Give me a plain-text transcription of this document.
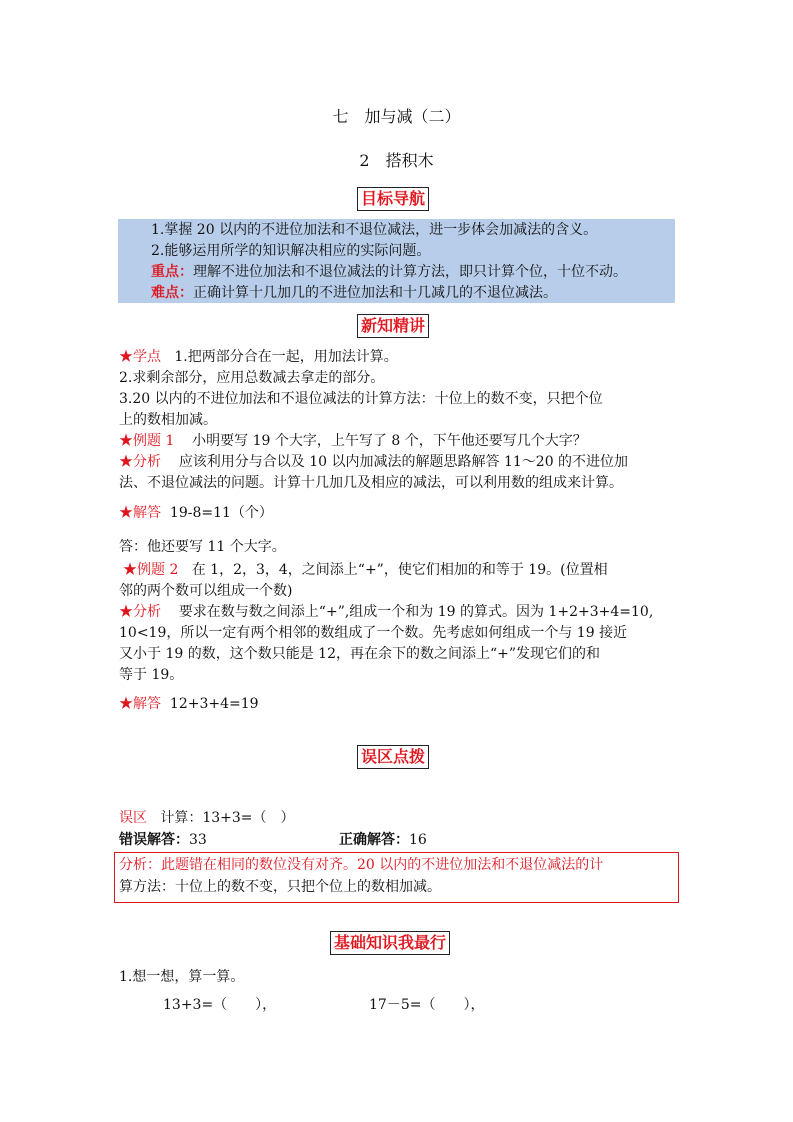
七　加与减（二）
2　搭积木
目标导航
1.掌握 20 以内的不进位加法和不退位减法，进一步体会加减法的含义。
2.能够运用所学的知识解决相应的实际问题。
重点：理解不进位加法和不退位减法的计算方法，即只计算个位，十位不动。
难点：正确计算十几加几的不进位加法和十几减几的不退位减法。
新知精讲
★学点 1.把两部分合在一起，用加法计算。
2.求剩余部分，应用总数减去拿走的部分。
3.20 以内的不进位加法和不退位减法的计算方法：十位上的数不变，只把个位
上的数相加减。
★例题 1 小明要写 19 个大字，上午写了 8 个，下午他还要写几个大字？
★分析 应该利用分与合以及 10 以内加减法的解题思路解答 11～20 的不进位加
法、不退位减法的问题。计算十几加几及相应的减法，可以利用数的组成来计算。
★解答 19-8=11（个）
答：他还要写 11 个大字。
★例题 2 在 1，2，3，4，之间添上“+”，使它们相加的和等于 19。(位置相
邻的两个数可以组成一个数)
★分析 要求在数与数之间添上“+”,组成一个和为 19 的算式。因为 1+2+3+4=10,
10<19，所以一定有两个相邻的数组成了一个数。先考虑如何组成一个与 19 接近
又小于 19 的数，这个数只能是 12，再在余下的数之间添上“+”发现它们的和
等于 19。
★解答 12+3+4=19
误区点拨
误区 计算：13+3=（　）
错误解答：33	正确解答：16
分析：此题错在相同的数位没有对齐。20 以内的不进位加法和不退位减法的计
算方法：十位上的数不变，只把个位上的数相加减。
基础知识我最行
1.想一想，算一算。
13+3=（　　），	17－5=（　　），
